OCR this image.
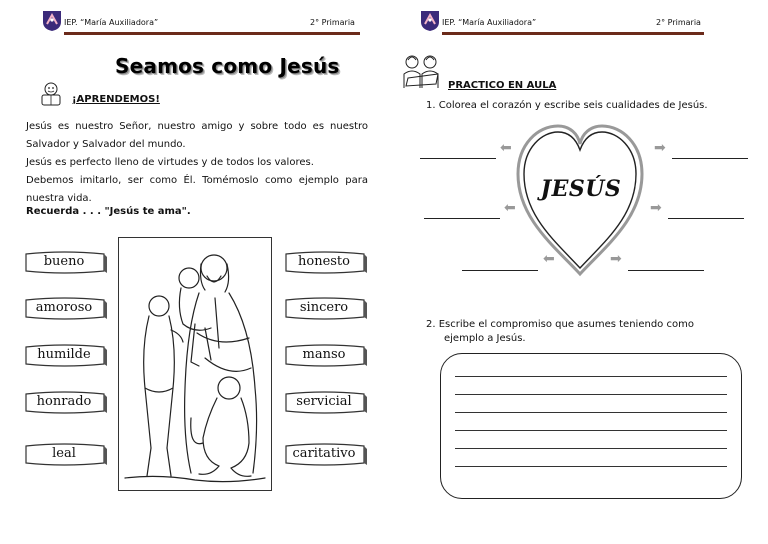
IEP. “María Auxiliadora”	2° Primaria	IEP. “María Auxiliadora”	2° Primaria
Seamos como Jesús
¡APRENDEMOS!

Jesús es nuestro Señor, nuestro amigo y sobre todo es nuestro

Salvador y Salvador del mundo.

Jesús es perfecto lleno de virtudes y de todos los valores.

Debemos imitarlo, ser como Él. Tomémoslo como ejemplo para

nuestra vida.

Recuerda . . . "Jesús te ama".
bueno
amoroso
humilde
honrado
leal
honesto
sincero
manso
servicial
caritativo
PRACTICO EN AULA
1. Colorea el corazón y escribe seis cualidades de Jesús.
JESÚS
⬅	➡
⬅	➡
⬅	➡
2. Escribe el compromiso que asumes teniendo como
ejemplo a Jesús.
